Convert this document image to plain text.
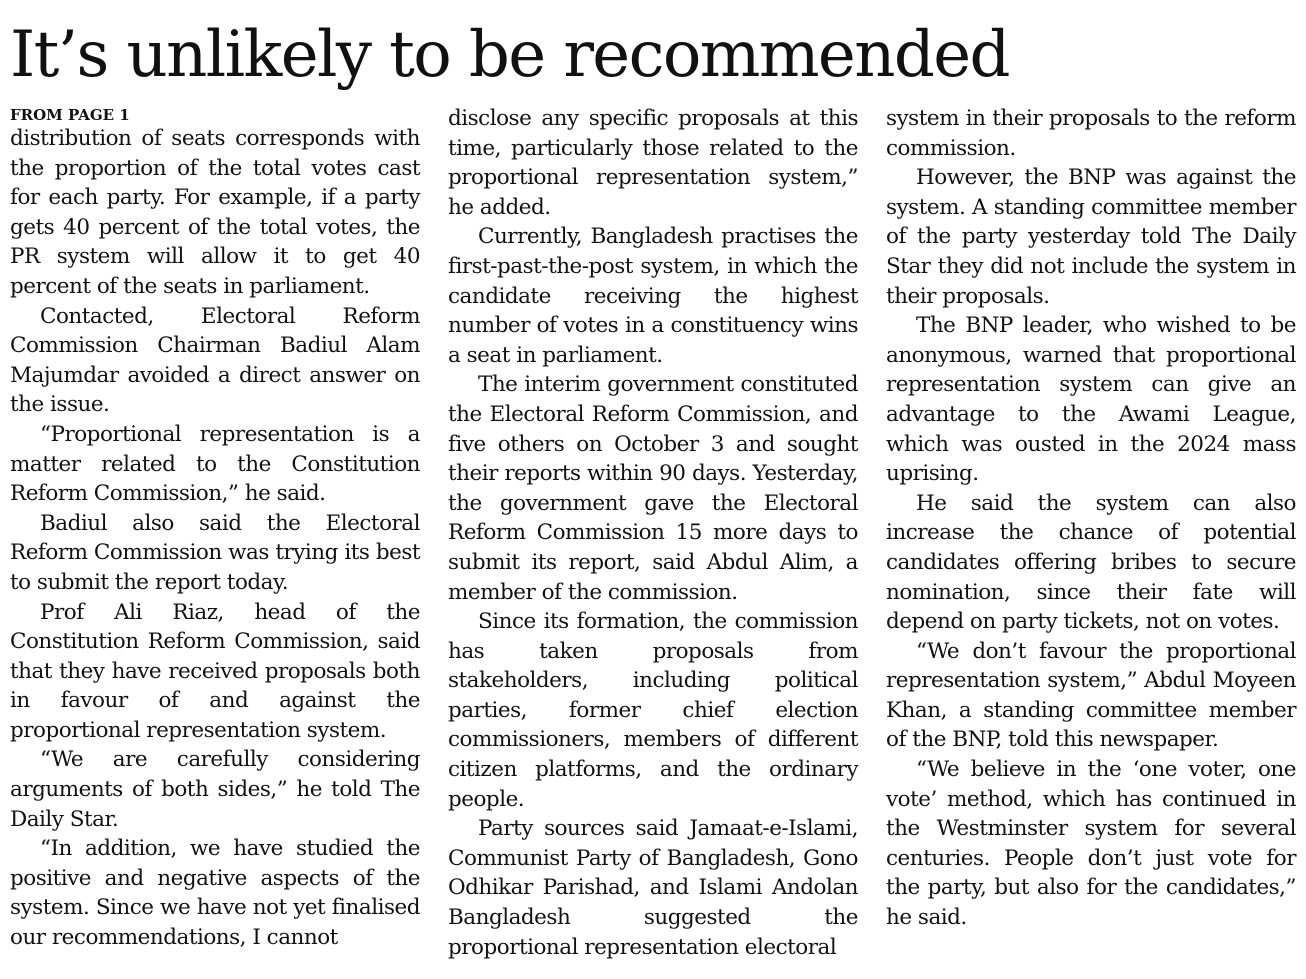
It’s unlikely to be recommended
FROM PAGE 1

distribution of seats corresponds with the proportion of the total votes cast for each party. For example, if a party gets 40 percent of the total votes, the PR system will allow it to get 40 percent of the seats in parliament.

Contacted, Electoral Reform Commission Chairman Badiul Alam Majumdar avoided a direct answer on the issue.

“Proportional representation is a matter related to the Constitution Reform Commission,” he said.

Badiul also said the Electoral Reform Commission was trying its best to submit the report today.

Prof Ali Riaz, head of the Constitution Reform Commission, said that they have received proposals both in favour of and against the proportional representation system.

“We are carefully considering arguments of both sides,” he told The Daily Star.

“In addition, we have studied the positive and negative aspects of the system. Since we have not yet finalised our recommendations, I cannot

disclose any specific proposals at this time, particularly those related to the proportional representation system,” he added.

Currently, Bangladesh practises the first-past-the-post system, in which the candidate receiving the highest number of votes in a constituency wins a seat in parliament.

The interim government constituted the Electoral Reform Commission, and five others on October 3 and sought their reports within 90 days. Yesterday, the government gave the Electoral Reform Commission 15 more days to submit its report, said Abdul Alim, a member of the commission.

Since its formation, the commission has taken proposals from stakeholders, including political parties, former chief election commissioners, members of different citizen platforms, and the ordinary people.

Party sources said Jamaat-e-Islami, Communist Party of Bangladesh, Gono Odhikar Parishad, and Islami Andolan Bangladesh suggested the proportional representation electoral

system in their proposals to the reform commission.

However, the BNP was against the system. A standing committee member of the party yesterday told The Daily Star they did not include the system in their proposals.

The BNP leader, who wished to be anonymous, warned that proportional representation system can give an advantage to the Awami League, which was ousted in the 2024 mass uprising.

He said the system can also increase the chance of potential candidates offering bribes to secure nomination, since their fate will depend on party tickets, not on votes.

“We don’t favour the proportional representation system,” Abdul Moyeen Khan, a standing committee member of the BNP, told this newspaper.

“We believe in the ‘one voter, one vote’ method, which has continued in the Westminster system for several centuries. People don’t just vote for the party, but also for the candidates,” he said.
